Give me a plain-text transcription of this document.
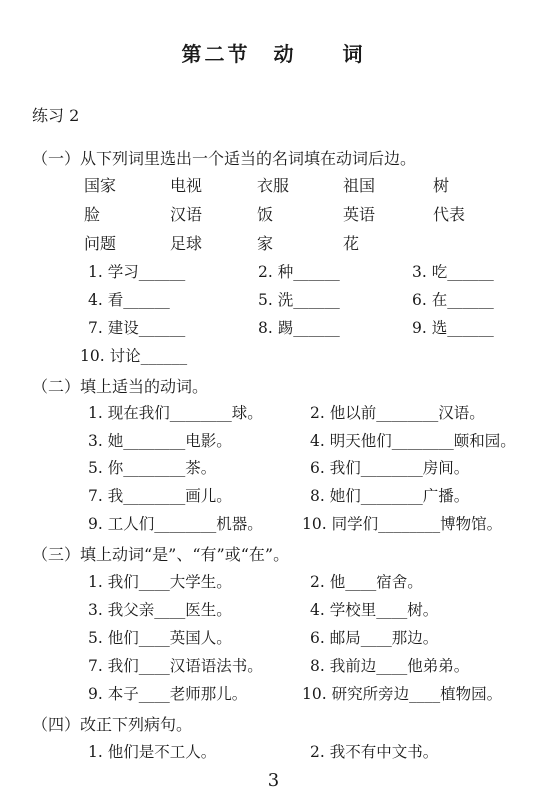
第二节　动　　词
练习 2
（一）从下列词里选出一个适当的名词填在动词后边。
国家	电视	衣服	祖国	树
脸	汉语	饭	英语	代表
问题	足球	家	花
1. 学习______	2. 种______	3. 吃______
4. 看______	5. 洗______	6. 在______
7. 建设______	8. 踢______	9. 选______
10. 讨论______
（二）填上适当的动词。
1. 现在我们________球。	2. 他以前________汉语。
3. 她________电影。	4. 明天他们________颐和园。
5. 你________茶。	6. 我们________房间。
7. 我________画儿。	8. 她们________广播。
9. 工人们________机器。	10. 同学们________博物馆。
（三）填上动词“是”、“有”或“在”。
1. 我们____大学生。	2. 他____宿舍。
3. 我父亲____医生。	4. 学校里____树。
5. 他们____英国人。	6. 邮局____那边。
7. 我们____汉语语法书。	8. 我前边____他弟弟。
9. 本子____老师那儿。	10. 研究所旁边____植物园。
（四）改正下列病句。
1. 他们是不工人。	2. 我不有中文书。
3
